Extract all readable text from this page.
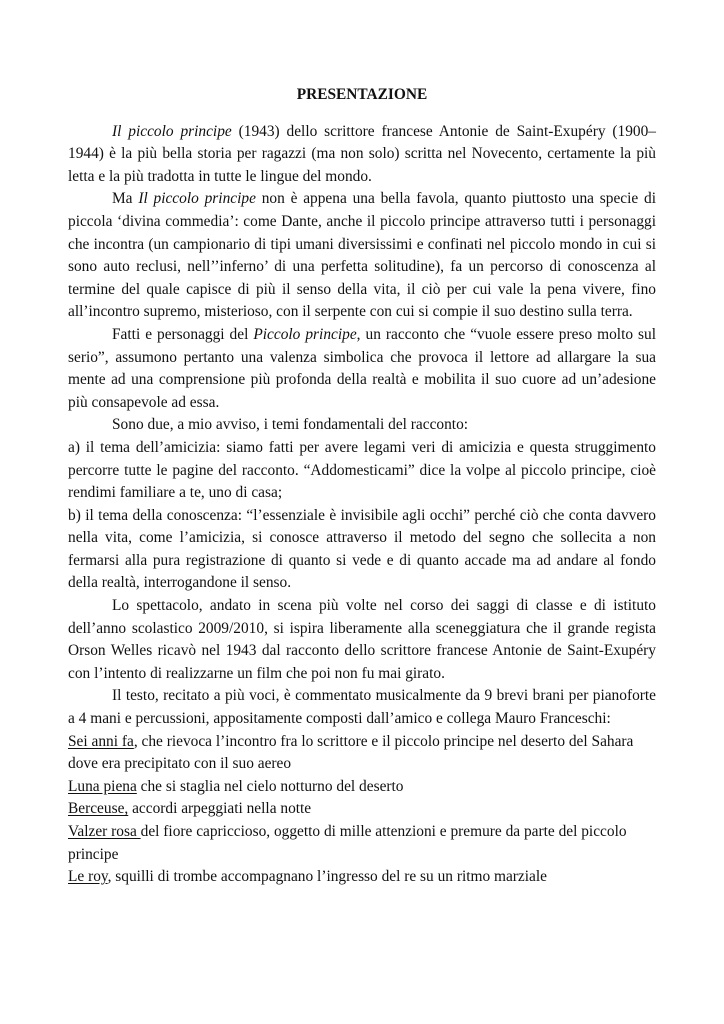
PRESENTAZIONE

Il piccolo principe (1943) dello scrittore francese Antonie de Saint-Exupéry (1900–1944) è la più bella storia per ragazzi (ma non solo) scritta nel Novecento, certamente la più letta e la più tradotta in tutte le lingue del mondo.

Ma Il piccolo principe non è appena una bella favola, quanto piuttosto una specie di piccola ‘divina commedia’: come Dante, anche il piccolo principe attraverso tutti i personaggi che incontra (un campionario di tipi umani diversissimi e confinati nel piccolo mondo in cui si sono auto reclusi, nell’’inferno’ di una perfetta solitudine), fa un percorso di conoscenza al termine del quale capisce di più il senso della vita, il ciò per cui vale la pena vivere, fino all’incontro supremo, misterioso, con il serpente con cui si compie il suo destino sulla terra.

Fatti e personaggi del Piccolo principe, un racconto che “vuole essere preso molto sul serio”, assumono pertanto una valenza simbolica che provoca il lettore ad allargare la sua mente ad una comprensione più profonda della realtà e mobilita il suo cuore ad un’adesione più consapevole ad essa.

Sono due, a mio avviso, i temi fondamentali del racconto:

a) il tema dell’amicizia: siamo fatti per avere legami veri di amicizia e questa struggimento percorre tutte le pagine del racconto. “Addomesticami” dice la volpe al piccolo principe, cioè rendimi familiare a te, uno di casa;

b) il tema della conoscenza: “l’essenziale è invisibile agli occhi” perché ciò che conta davvero nella vita, come l’amicizia, si conosce attraverso il metodo del segno che sollecita a non fermarsi alla pura registrazione di quanto si vede e di quanto accade ma ad andare al fondo della realtà, interrogandone il senso.

Lo spettacolo, andato in scena più volte nel corso dei saggi di classe e di istituto dell’anno scolastico 2009/2010, si ispira liberamente alla sceneggiatura che il grande regista Orson Welles ricavò nel 1943 dal racconto dello scrittore francese Antonie de Saint-Exupéry con l’intento di realizzarne un film che poi non fu mai girato.

Il testo, recitato a più voci, è commentato musicalmente da 9 brevi brani per pianoforte a 4 mani e percussioni, appositamente composti dall’amico e collega Mauro Franceschi:

Sei anni fa, che rievoca l’incontro fra lo scrittore e il piccolo principe nel deserto del Sahara dove era precipitato con il suo aereo

Luna piena che si staglia nel cielo notturno del deserto

Berceuse, accordi arpeggiati nella notte

Valzer rosa del fiore capriccioso, oggetto di mille attenzioni e premure da parte del piccolo principe

Le roy, squilli di trombe accompagnano l’ingresso del re su un ritmo marziale
